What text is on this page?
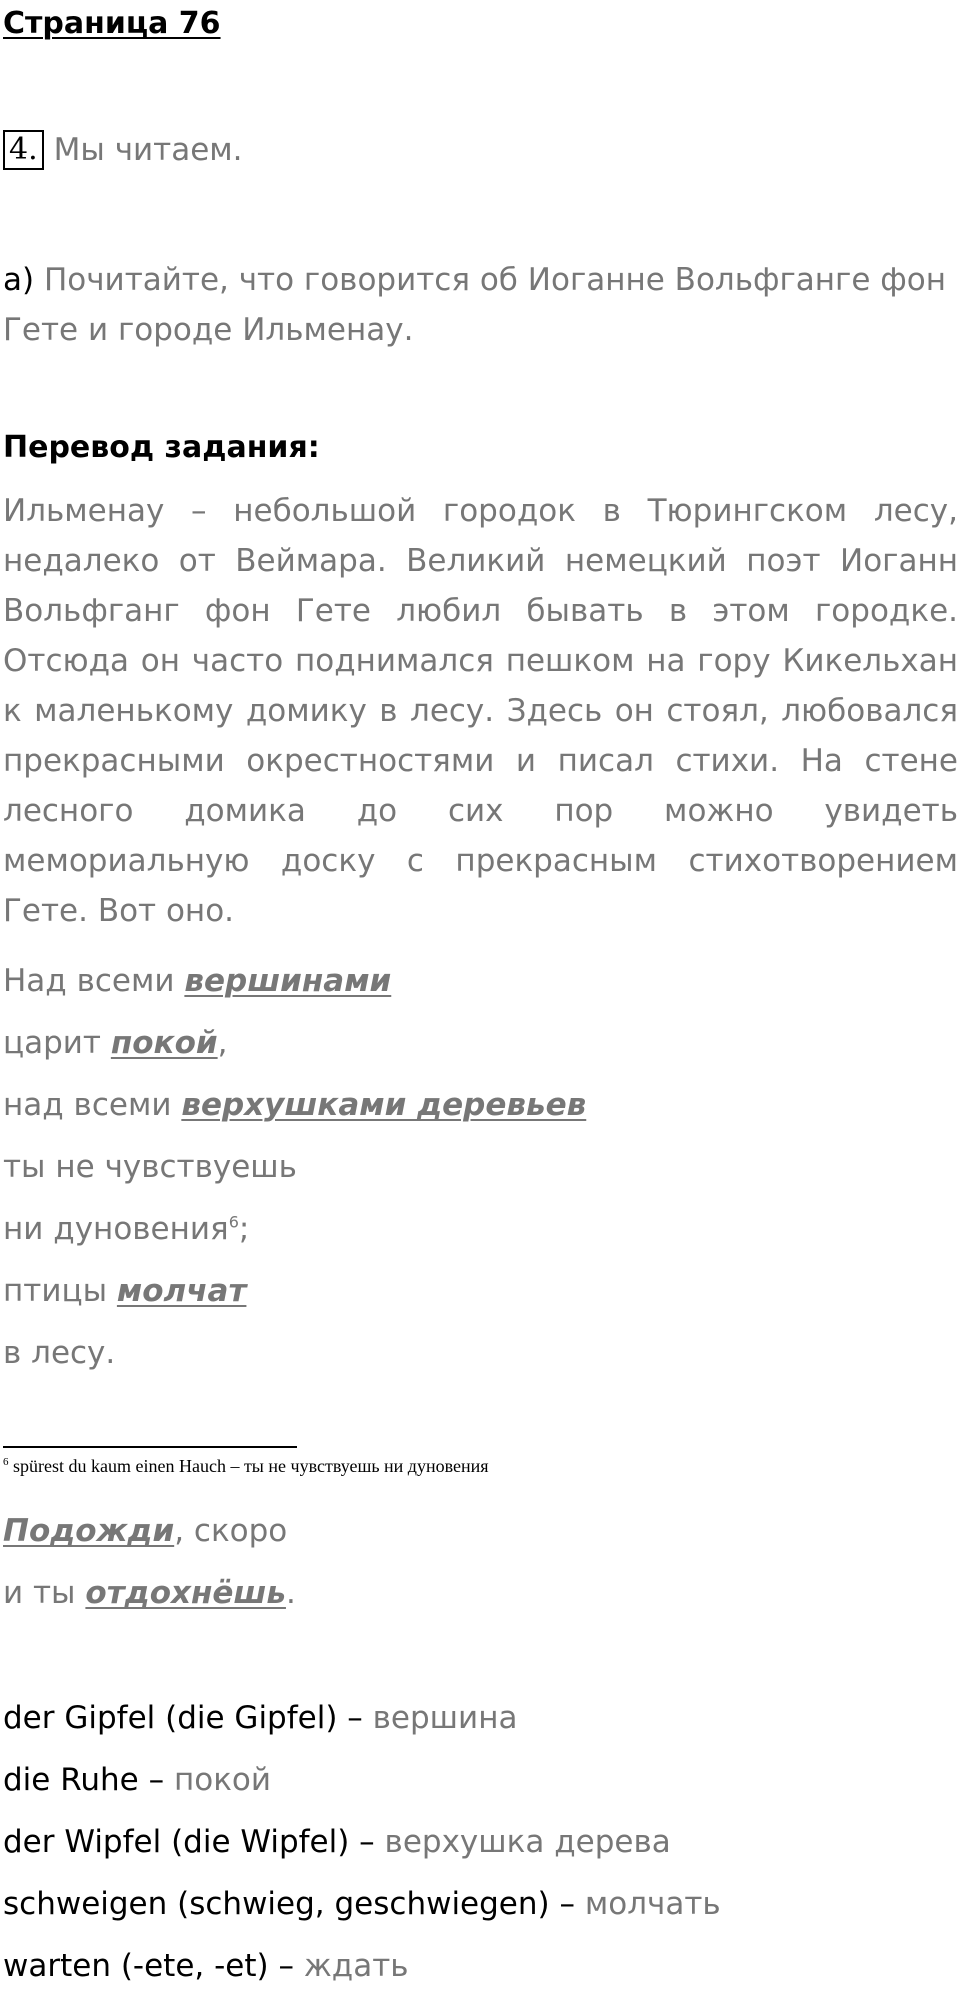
Страница 76
4. Мы читаем.
а) Почитайте, что говорится об Иоганне Вольфганге фон Гете и городе Ильменау.
Перевод задания:
Ильменау – небольшой городок в Тюрингском лесу, недалеко от Веймара. Великий немецкий поэт Иоганн Вольфганг фон Гете любил бывать в этом городке. Отсюда он часто поднимался пешком на гору Кикельхан к маленькому домику в лесу. Здесь он стоял, любовался прекрасными окрестностями и писал стихи. На стене лесного домика до сих пор можно увидеть мемориальную доску с прекрасным стихотворением Гете. Вот оно.
Над всеми вершинами
царит покой,
над всеми верхушками деревьев
ты не чувствуешь
ни дуновения$^6$;
птицы молчат
в лесу.
$^6$ spürest du kaum einen Hauch – ты не чувствуешь ни дуновения
Подожди, скоро
и ты отдохнёшь.
der Gipfel (die Gipfel) – вершина
die Ruhe – покой
der Wipfel (die Wipfel) – верхушка дерева
schweigen (schwieg, geschwiegen) – молчать
warten (-ete, -et) – ждать
